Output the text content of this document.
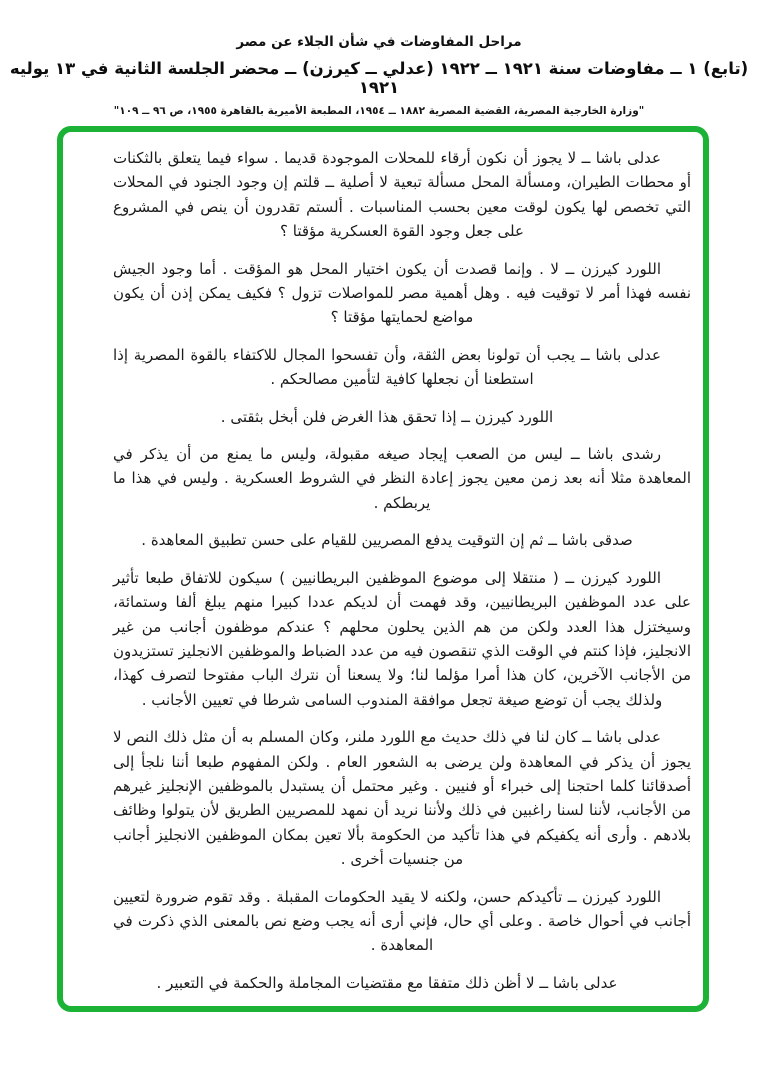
مراحل المفاوضات في شأن الجلاء عن مصر
(تابع) ١ ــ مفاوضات سنة ١٩٢١ ــ ١٩٢٢ (عدلي ــ كيرزن) ــ محضر الجلسة الثانية في ١٣ يوليه ١٩٢١

"وزارة الخارجية المصرية، القضية المصرية ١٨٨٢ ــ ١٩٥٤، المطبعة الأميرية بالقاهرة ١٩٥٥، ص ٩٦ ــ ١٠٩"

عدلى باشا ــ لا يجوز أن نكون أرقاء للمحلات الموجودة قديما . سواء فيما يتعلق بالثكنات أو محطات الطيران، ومسألة المحل مسألة تبعية لا أصلية ــ قلتم إن وجود الجنود في المحلات التي تخصص لها يكون لوقت معين بحسب المناسبات . ألستم تقدرون أن ينص في المشروع على جعل وجود القوة العسكرية مؤقتا ؟

اللورد كيرزن ــ لا . وإنما قصدت أن يكون اختيار المحل هو المؤقت . أما وجود الجيش نفسه فهذا أمر لا توقيت فيه . وهل أهمية مصر للمواصلات تزول ؟ فكيف يمكن إذن أن يكون مواضع لحمايتها مؤقتا ؟

عدلى باشا ــ يجب أن تولونا بعض الثقة، وأن تفسحوا المجال للاكتفاء بالقوة المصرية إذا استطعنا أن نجعلها كافية لتأمين مصالحكم .

اللورد كيرزن ــ إذا تحقق هذا الغرض فلن أبخل بثقتى .

رشدى باشا ــ ليس من الصعب إيجاد صيغه مقبولة، وليس ما يمنع من أن يذكر في المعاهدة مثلا أنه بعد زمن معين يجوز إعادة النظر في الشروط العسكرية . وليس في هذا ما يربطكم .

صدقى باشا ــ ثم إن التوقيت يدفع المصريين للقيام على حسن تطبيق المعاهدة .

اللورد كيرزن ــ ( منتقلا إلى موضوع الموظفين البريطانيين ) سيكون للاتفاق طبعا تأثير على عدد الموظفين البريطانيين، وقد فهمت أن لديكم عددا كبيرا منهم يبلغ ألفا وستمائة، وسيختزل هذا العدد ولكن من هم الذين يحلون محلهم ؟ عندكم موظفون أجانب من غير الانجليز، فإذا كنتم في الوقت الذي تنقصون فيه من عدد الضباط والموظفين الانجليز تستزيدون من الأجانب الآخرين، كان هذا أمرا مؤلما لنا؛ ولا يسعنا أن نترك الباب مفتوحا لتصرف كهذا، ولذلك يجب أن توضع صيغة تجعل موافقة المندوب السامى شرطا في تعيين الأجانب .

عدلى باشا ــ كان لنا في ذلك حديث مع اللورد ملنر، وكان المسلم به أن مثل ذلك النص لا يجوز أن يذكر في المعاهدة ولن يرضى به الشعور العام . ولكن المفهوم طبعا أننا نلجأ إلى أصدقائنا كلما احتجنا إلى خبراء أو فنيين . وغير محتمل أن يستبدل بالموظفين الإنجليز غيرهم من الأجانب، لأننا لسنا راغبين في ذلك ولأننا نريد أن نمهد للمصريين الطريق لأن يتولوا وظائف بلادهم . وأرى أنه يكفيكم في هذا تأكيد من الحكومة بألا تعين بمكان الموظفين الانجليز أجانب من جنسيات أخرى .

اللورد كيرزن ــ تأكيدكم حسن، ولكنه لا يقيد الحكومات المقبلة . وقد تقوم ضرورة لتعيين أجانب في أحوال خاصة . وعلى أي حال، فإني أرى أنه يجب وضع نص بالمعنى الذي ذكرت في المعاهدة .

عدلى باشا ــ لا أظن ذلك متفقا مع مقتضيات المجاملة والحكمة في التعبير .
